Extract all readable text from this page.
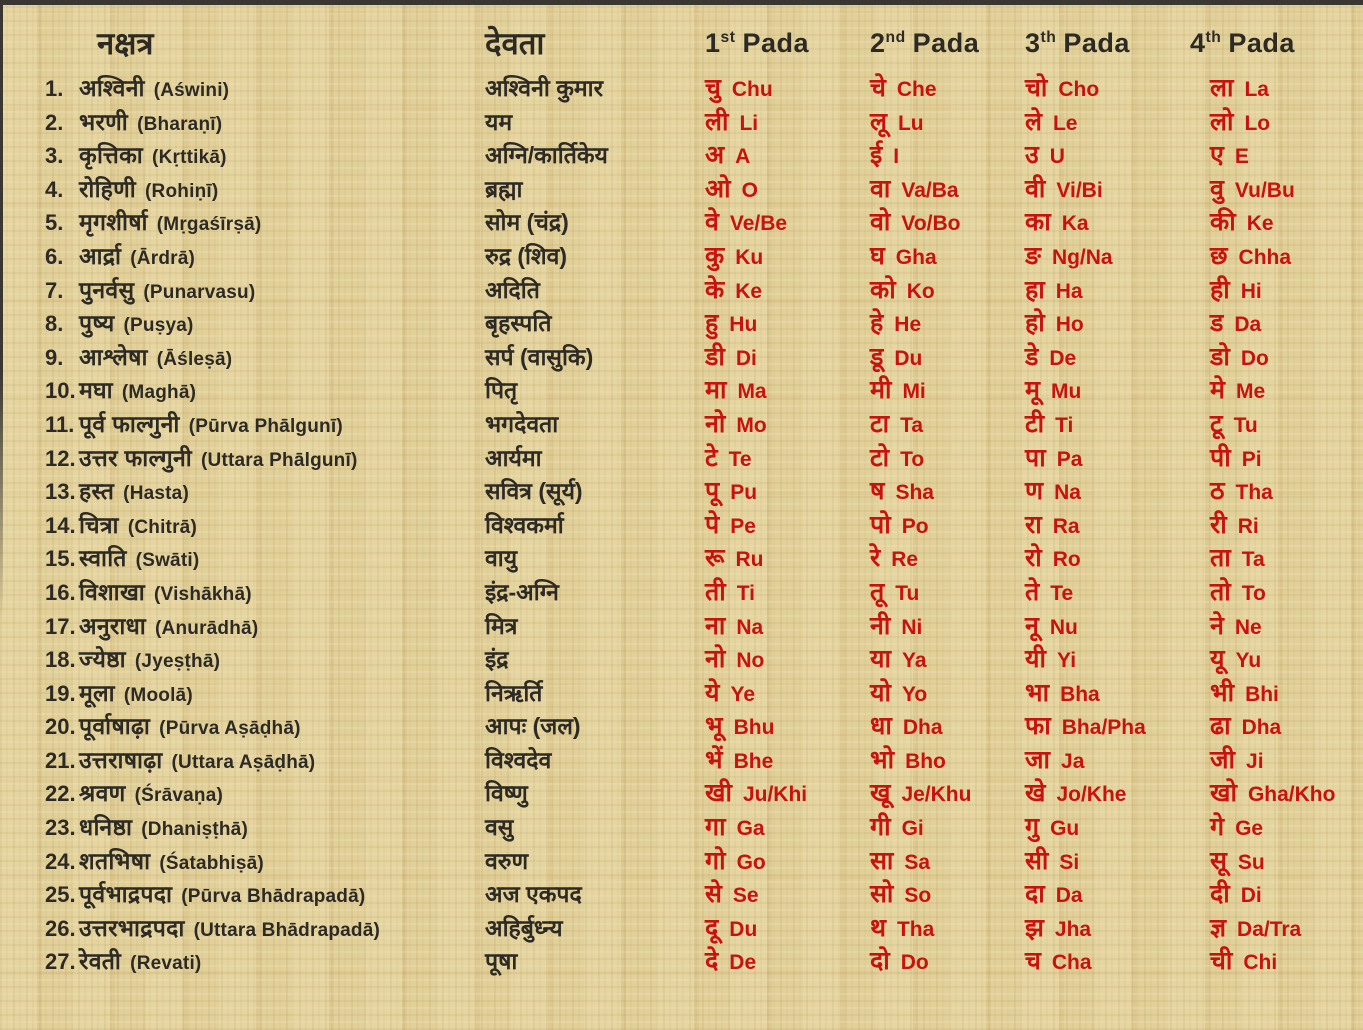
नक्षत्र	देवता	1st Pada	2nd Pada	3th Pada	4th Pada
1. अश्विनी (Aświni)	अश्विनी कुमार	चु Chu	चे Che	चो Cho	ला La
2. भरणी (Bharaṇī)	यम	ली Li	लू Lu	ले Le	लो Lo
3. कृत्तिका (Kṛttikā)	अग्नि/कार्तिकेय	अ A	ई I	उ U	ए E
4. रोहिणी (Rohiṇī)	ब्रह्मा	ओ O	वा Va/Ba	वी Vi/Bi	वु Vu/Bu
5. मृगशीर्षा (Mṛgaśīrṣā)	सोम (चंद्र)	वे Ve/Be	वो Vo/Bo	का Ka	की Ke
6. आर्द्रा (Ārdrā)	रुद्र (शिव)	कु Ku	घ Gha	ङ Ng/Na	छ Chha
7. पुनर्वसु (Punarvasu)	अदिति	के Ke	को Ko	हा Ha	ही Hi
8. पुष्य (Puṣya)	बृहस्पति	हु Hu	हे He	हो Ho	ड Da
9. आश्लेषा (Āśleṣā)	सर्प (वासुकि)	डी Di	डू Du	डे De	डो Do
10. मघा (Maghā)	पितृ	मा Ma	मी Mi	मू Mu	मे Me
11. पूर्व फाल्गुनी (Pūrva Phālgunī)	भगदेवता	नो Mo	टा Ta	टी Ti	टू Tu
12. उत्तर फाल्गुनी (Uttara Phālgunī)	आर्यमा	टे Te	टो To	पा Pa	पी Pi
13. हस्त (Hasta)	सवित्र (सूर्य)	पू Pu	ष Sha	ण Na	ठ Tha
14. चित्रा (Chitrā)	विश्वकर्मा	पे Pe	पो Po	रा Ra	री Ri
15. स्वाति (Swāti)	वायु	रू Ru	रे Re	रो Ro	ता Ta
16. विशाखा (Vishākhā)	इंद्र-अग्नि	ती Ti	तू Tu	ते Te	तो To
17. अनुराधा (Anurādhā)	मित्र	ना Na	नी Ni	नू Nu	ने Ne
18. ज्येष्ठा (Jyeṣṭhā)	इंद्र	नो No	या Ya	यी Yi	यू Yu
19. मूला (Moolā)	निऋर्ति	ये Ye	यो Yo	भा Bha	भी Bhi
20. पूर्वाषाढ़ा (Pūrva Aṣāḍhā)	आपः (जल)	भू Bhu	धा Dha	फा Bha/Pha	ढा Dha
21. उत्तराषाढ़ा (Uttara Aṣāḍhā)	विश्वदेव	भें Bhe	भो Bho	जा Ja	जी Ji
22. श्रवण (Śrāvaṇa)	विष्णु	खी Ju/Khi	खू Je/Khu	खे Jo/Khe	खो Gha/Kho
23. धनिष्ठा (Dhaniṣṭhā)	वसु	गा Ga	गी Gi	गु Gu	गे Ge
24. शतभिषा (Śatabhiṣā)	वरुण	गो Go	सा Sa	सी Si	सू Su
25. पूर्वभाद्रपदा (Pūrva Bhādrapadā)	अज एकपद	से Se	सो So	दा Da	दी Di
26. उत्तरभाद्रपदा (Uttara Bhādrapadā)	अहिर्बुध्न्य	दू Du	थ Tha	झ Jha	ज्ञ Da/Tra
27. रेवती (Revati)	पूषा	दे De	दो Do	च Cha	ची Chi
